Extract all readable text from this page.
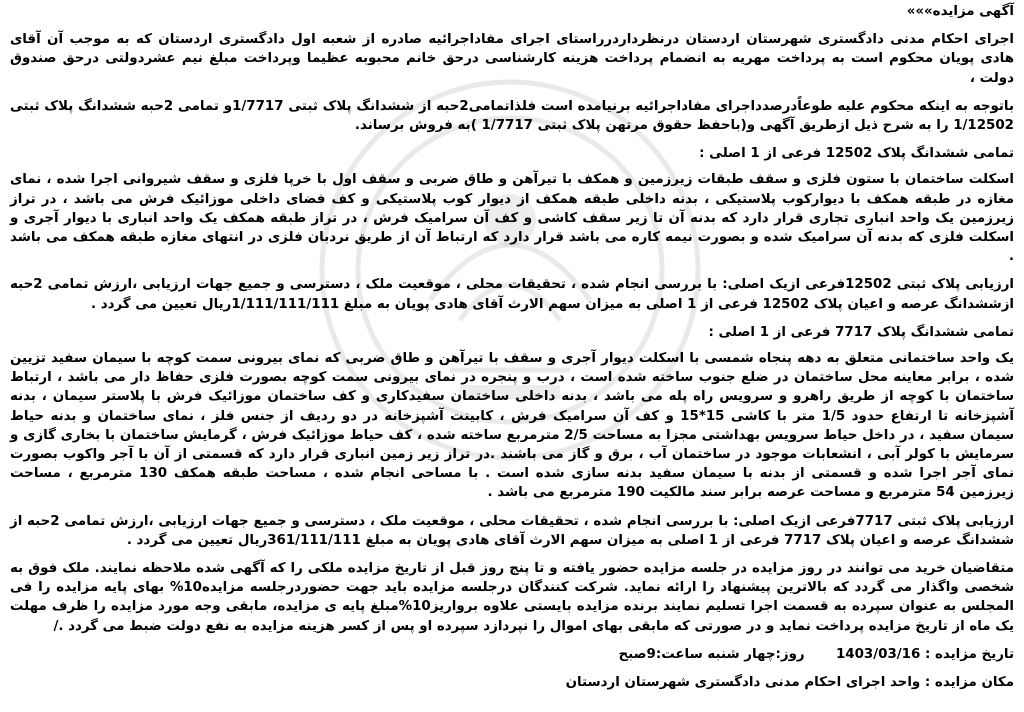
آگهی مزایده»»»

اجرای احکام مدنی دادگستری شهرستان اردستان درنظرداردرراستای اجرای مفاداجرائیه صادره از شعبه اول دادگستری اردستان که به موجب آن آقای هادی پویان محکوم است به پرداخت مهریه به انضمام پرداخت هزینه کارشناسی درحق خانم محبوبه عظیما وپرداخت مبلغ نیم عشردولتی درحق صندوق دولت ،

باتوجه به اینکه محکوم علیه طوعاًدرصدداجرای مفاداجرائیه برنیامده است فلذاتمامی2حبه از ششدانگ پلاک ثبتی 1/7717و تمامی 2حبه ششدانگ پلاک ثبتی 1/12502 را به شرح ذیل ازطریق آگهی و(باحفظ حقوق مرتهن پلاک ثبتی 1/7717 )به فروش برساند.

تمامی ششدانگ پلاک 12502 فرعی از 1 اصلی :

اسکلت ساختمان با ستون فلزی و سقف طبقات زیرزمین و همکف با تیرآهن و طاق ضربی و سقف اول با خرپا فلزی و سقف شیروانی اجرا شده ، نمای مغازه در طبقه همکف با دیوارکوب پلاستیکی ، بدنه داخلی طبقه همکف از دیوار کوب پلاستیکی و کف فضای داخلی موزائیک فرش می باشد ، در تراز زیرزمین یک واحد انباری تجاری قرار دارد که بدنه آن تا زیر سقف کاشی و کف آن سرامیک فرش ، در تراز طبقه همکف یک واحد انباری با دیوار آجری و اسکلت فلزی که بدنه آن سرامیک شده و بصورت نیمه کاره می باشد قرار دارد که ارتباط آن از طریق نردبان فلزی در انتهای مغازه طبقه همکف می باشد .

ارزیابی پلاک ثبتی 12502فرعی ازیک اصلی: با بررسی انجام شده ، تحقیقات محلی ، موقعیت ملک ، دسترسی و جمیع جهات ارزیابی ،ارزش تمامی 2حبه ازششدانگ عرصه و اعیان پلاک 12502 فرعی از 1 اصلی به میزان سهم الارث آقای هادی پویان به مبلغ 1/111/111/111ریال تعیین می گردد .

تمامی ششدانگ پلاک 7717 فرعی از 1 اصلی :

یک واحد ساختمانی متعلق به دهه پنجاه شمسی با اسکلت دیوار آجری و سقف با تیرآهن و طاق ضربی که نمای بیرونی سمت کوچه با سیمان سفید تزیین شده ، برابر معاینه محل ساختمان در ضلع جنوب ساخته شده است ، درب و پنجره در نمای بیرونی سمت کوچه بصورت فلزی حفاظ دار می باشد ، ارتباط ساختمان با کوچه از طریق راهرو و سرویس راه پله می باشد ، بدنه داخلی ساختمان سفیدکاری و کف ساختمان موزائیک فرش با پلاستر سیمان ، بدنه آشپزخانه تا ارتفاع حدود 1/5 متر با کاشی 15*15 و کف آن سرامیک فرش ، کابینت آشپزخانه در دو ردیف از جنس فلز ، نمای ساختمان و بدنه حیاط سیمان سفید ، در داخل حیاط سرویس بهداشتی مجزا به مساحت 2/5 مترمربع ساخته شده ، کف حیاط موزائیک فرش ، گرمایش ساختمان با بخاری گازی و سرمایش با کولر آبی ، انشعابات موجود در ساختمان آب ، برق و گاز می باشند .در تراز زیر زمین انباری قرار دارد که قسمتی از آن با آجر واکوب بصورت نمای آجر اجرا شده و قسمتی از بدنه با سیمان سفید بدنه سازی شده است . با مساحی انجام شده ، مساحت طبقه همکف 130 مترمربع ، مساحت زیرزمین 54 مترمربع و مساحت عرصه برابر سند مالکیت 190 مترمربع می باشد .

ارزیابی پلاک ثبتی 7717فرعی ازیک اصلی: با بررسی انجام شده ، تحقیقات محلی ، موقعیت ملک ، دسترسی و جمیع جهات ارزیابی ،ارزش تمامی 2حبه از ششدانگ عرصه و اعیان پلاک 7717 فرعی از 1 اصلی به میزان سهم الارث آقای هادی پویان به مبلغ 361/111/111ریال تعیین می گردد .

متقاضیان خرید می توانند در روز مزایده در جلسه مزایده حضور یافته و تا پنج روز قبل از تاریخ مزایده ملکی را که آگهی شده ملاحظه نمایند. ملک فوق به شخصی واگذار می گردد که بالاترین پیشنهاد را ارائه نماید. شرکت کنندگان درجلسه مزایده باید جهت حضوردرجلسه مزایده10% بهای پایه مزایده را فی المجلس به عنوان سپرده به قسمت اجرا تسلیم نمایند برنده مزایده بایستی علاوه برواریز10%مبلغ پایه ی مزایده، مابقی وجه مورد مزایده را ظرف مهلت یک ماه از تاریخ مزایده پرداخت نماید و در صورتی که مابقی بهای اموال را نپردازد سپرده او پس از کسر هزینه مزایده به نفع دولت ضبط می گردد ./

تاریخ مزایده : 1403/03/16  روز:چهار شنبه ساعت:9صبح
مکان مزایده : واحد اجرای احکام مدنی دادگستری شهرستان اردستان
